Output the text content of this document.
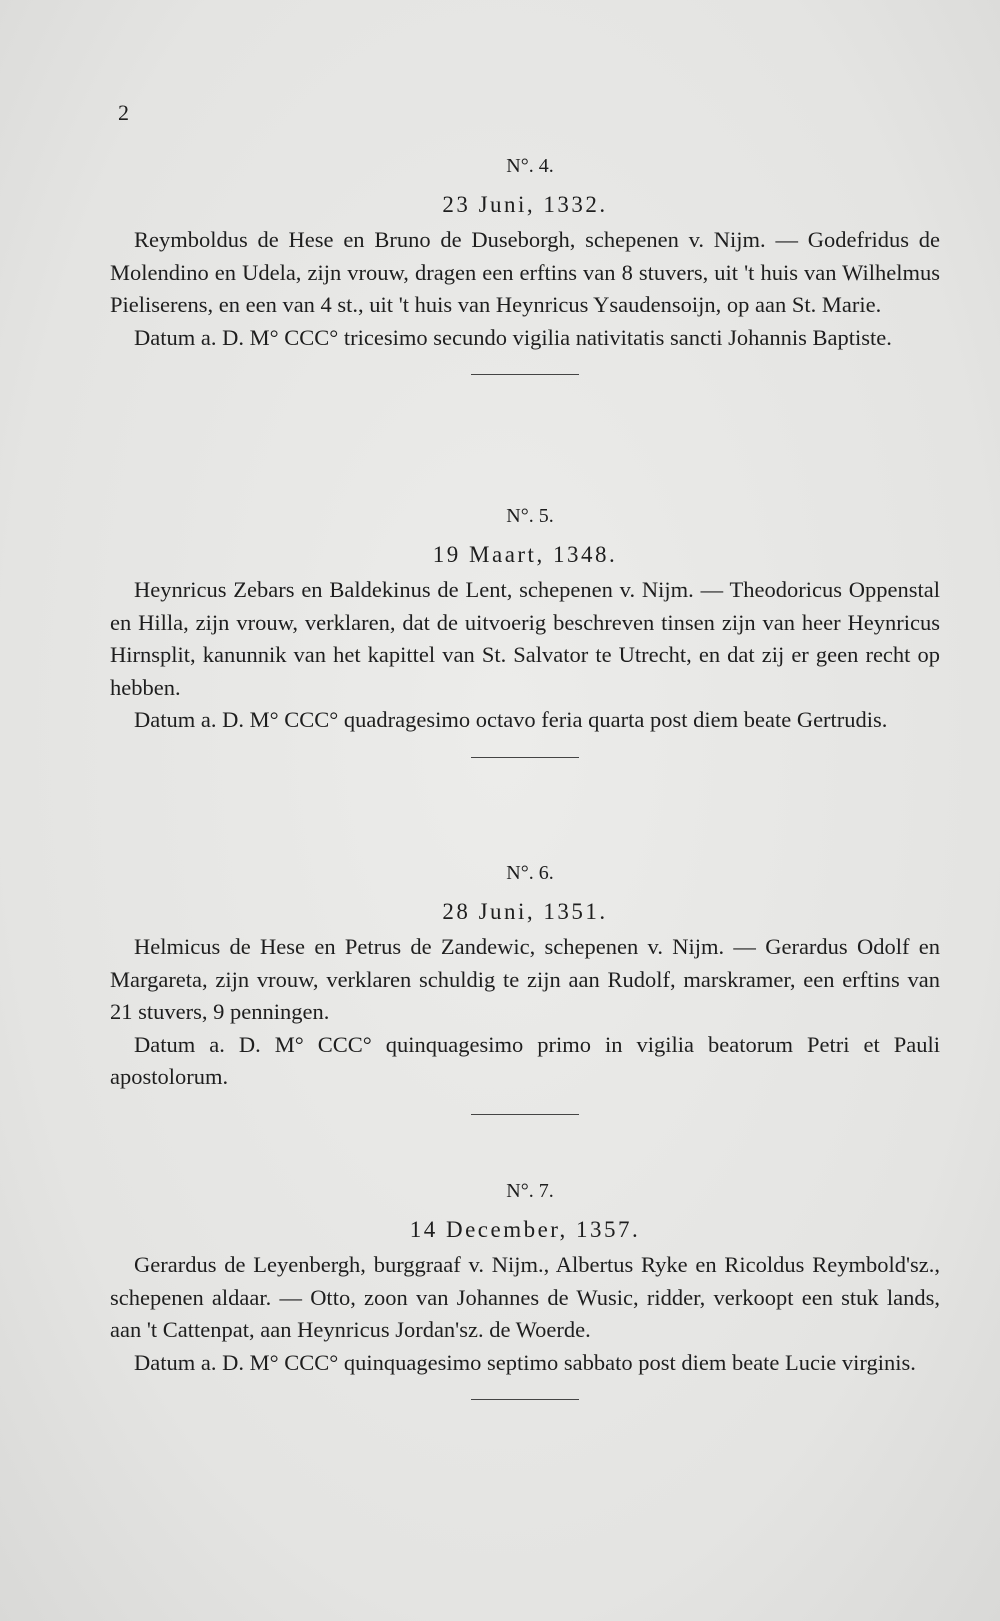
2
N°. 4.
23 Juni, 1332.

Reymboldus de Hese en Bruno de Duseborgh, schepenen v. Nijm. — Godefridus de Molendino en Udela, zijn vrouw, dragen een erftins van 8 stuvers, uit 't huis van Wilhelmus Pieliserens, en een van 4 st., uit 't huis van Heynricus Ysaudensoijn, op aan St. Marie.

Datum a. D. M° CCC° tricesimo secundo vigilia nativitatis sancti Johannis Baptiste.

N°. 5.
19 Maart, 1348.

Heynricus Zebars en Baldekinus de Lent, schepenen v. Nijm. — Theodoricus Oppenstal en Hilla, zijn vrouw, verklaren, dat de uitvoerig beschreven tinsen zijn van heer Heynricus Hirnsplit, kanunnik van het kapittel van St. Salvator te Utrecht, en dat zij er geen recht op hebben.

Datum a. D. M° CCC° quadragesimo octavo feria quarta post diem beate Gertrudis.

N°. 6.
28 Juni, 1351.

Helmicus de Hese en Petrus de Zandewic, schepenen v. Nijm. — Gerardus Odolf en Margareta, zijn vrouw, verklaren schuldig te zijn aan Rudolf, marskramer, een erftins van 21 stuvers, 9 penningen.

Datum a. D. M° CCC° quinquagesimo primo in vigilia beatorum Petri et Pauli apostolorum.

N°. 7.
14 December, 1357.

Gerardus de Leyenbergh, burggraaf v. Nijm., Albertus Ryke en Ricoldus Reymbold'sz., schepenen aldaar. — Otto, zoon van Johannes de Wusic, ridder, verkoopt een stuk lands, aan 't Cattenpat, aan Heynricus Jordan'sz. de Woerde.

Datum a. D. M° CCC° quinquagesimo septimo sabbato post diem beate Lucie virginis.
